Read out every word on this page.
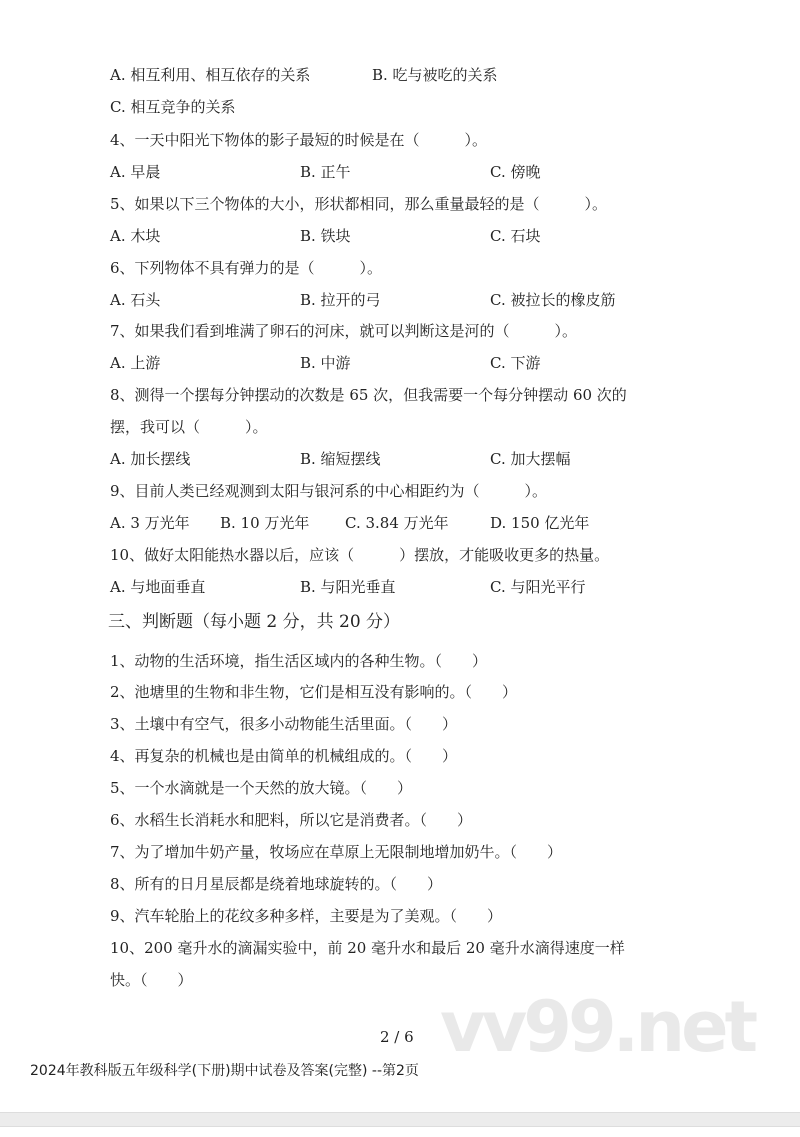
A. 相互利用、相互依存的关系	B. 吃与被吃的关系
C. 相互竞争的关系
4、一天中阳光下物体的影子最短的时候是在（　　　）。
A. 早晨	B. 正午	C. 傍晚
5、如果以下三个物体的大小，形状都相同，那么重量最轻的是（　　　）。
A. 木块	B. 铁块	C. 石块
6、下列物体不具有弹力的是（　　　）。
A. 石头	B. 拉开的弓	C. 被拉长的橡皮筋
7、如果我们看到堆满了卵石的河床，就可以判断这是河的（　　　）。
A. 上游	B. 中游	C. 下游
8、测得一个摆每分钟摆动的次数是 65 次，但我需要一个每分钟摆动 60 次的
摆，我可以（　　　）。
A. 加长摆线	B. 缩短摆线	C. 加大摆幅
9、目前人类已经观测到太阳与银河系的中心相距约为（　　　）。
A. 3 万光年 B. 10 万光年 C. 3.84 万光年	D. 150 亿光年
10、做好太阳能热水器以后，应该（　　　）摆放，才能吸收更多的热量。
A. 与地面垂直	B. 与阳光垂直	C. 与阳光平行
三、判断题（每小题 2 分，共 20 分）
1、动物的生活环境，指生活区域内的各种生物。（　　）
2、池塘里的生物和非生物，它们是相互没有影响的。（　　）
3、土壤中有空气，很多小动物能生活里面。（　　）
4、再复杂的机械也是由简单的机械组成的。（　　）
5、一个水滴就是一个天然的放大镜。（　　）
6、水稻生长消耗水和肥料，所以它是消费者。（　　）
7、为了增加牛奶产量，牧场应在草原上无限制地增加奶牛。（　　）
8、所有的日月星辰都是绕着地球旋转的。（　　）
9、汽车轮胎上的花纹多种多样，主要是为了美观。（　　）
10、200 毫升水的滴漏实验中，前 20 毫升水和最后 20 毫升水滴得速度一样
快。（　　）
vv99.net
2 / 6
2024年教科版五年级科学(下册)期中试卷及答案(完整) --第2页
